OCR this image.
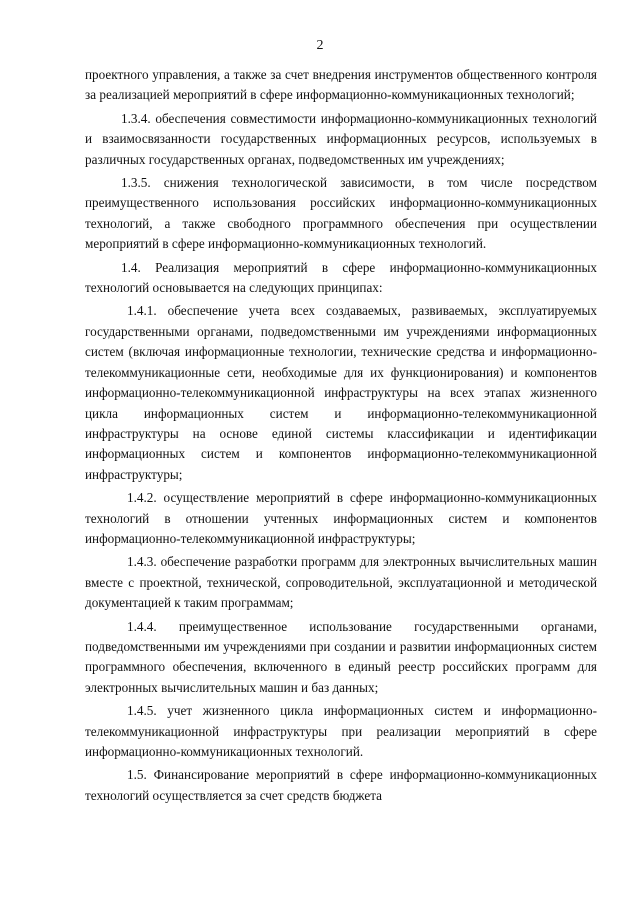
2

проектного управления, а также за счет внедрения инструментов общественного контроля за реализацией мероприятий в сфере информационно-коммуникационных технологий;

1.3.4. обеспечения совместимости информационно-коммуникационных технологий и взаимосвязанности государственных информационных ресурсов, используемых в различных государственных органах, подведомственных им учреждениях;

1.3.5. снижения технологической зависимости, в том числе посредством преимущественного использования российских информационно-коммуникационных технологий, а также свободного программного обеспечения при осуществлении мероприятий в сфере информационно-коммуникационных технологий.

1.4. Реализация мероприятий в сфере информационно-коммуникационных технологий основывается на следующих принципах:

1.4.1. обеспечение учета всех создаваемых, развиваемых, эксплуатируемых государственными органами, подведомственными им учреждениями информационных систем (включая информационные технологии, технические средства и информационно-телекоммуникационные сети, необходимые для их функционирования) и компонентов информационно-телекоммуникационной инфраструктуры на всех этапах жизненного цикла информационных систем и информационно-телекоммуникационной инфраструктуры на основе единой системы классификации и идентификации информационных систем и компонентов информационно-телекоммуникационной инфраструктуры;

1.4.2. осуществление мероприятий в сфере информационно-коммуникационных технологий в отношении учтенных информационных систем и компонентов информационно-телекоммуникационной инфраструктуры;

1.4.3. обеспечение разработки программ для электронных вычислительных машин вместе с проектной, технической, сопроводительной, эксплуатационной и методической документацией к таким программам;

1.4.4. преимущественное использование государственными органами, подведомственными им учреждениями при создании и развитии информационных систем программного обеспечения, включенного в единый реестр российских программ для электронных вычислительных машин и баз данных;

1.4.5. учет жизненного цикла информационных систем и информационно-телекоммуникационной инфраструктуры при реализации мероприятий в сфере информационно-коммуникационных технологий.

1.5. Финансирование мероприятий в сфере информационно-коммуникационных технологий осуществляется за счет средств бюджета
